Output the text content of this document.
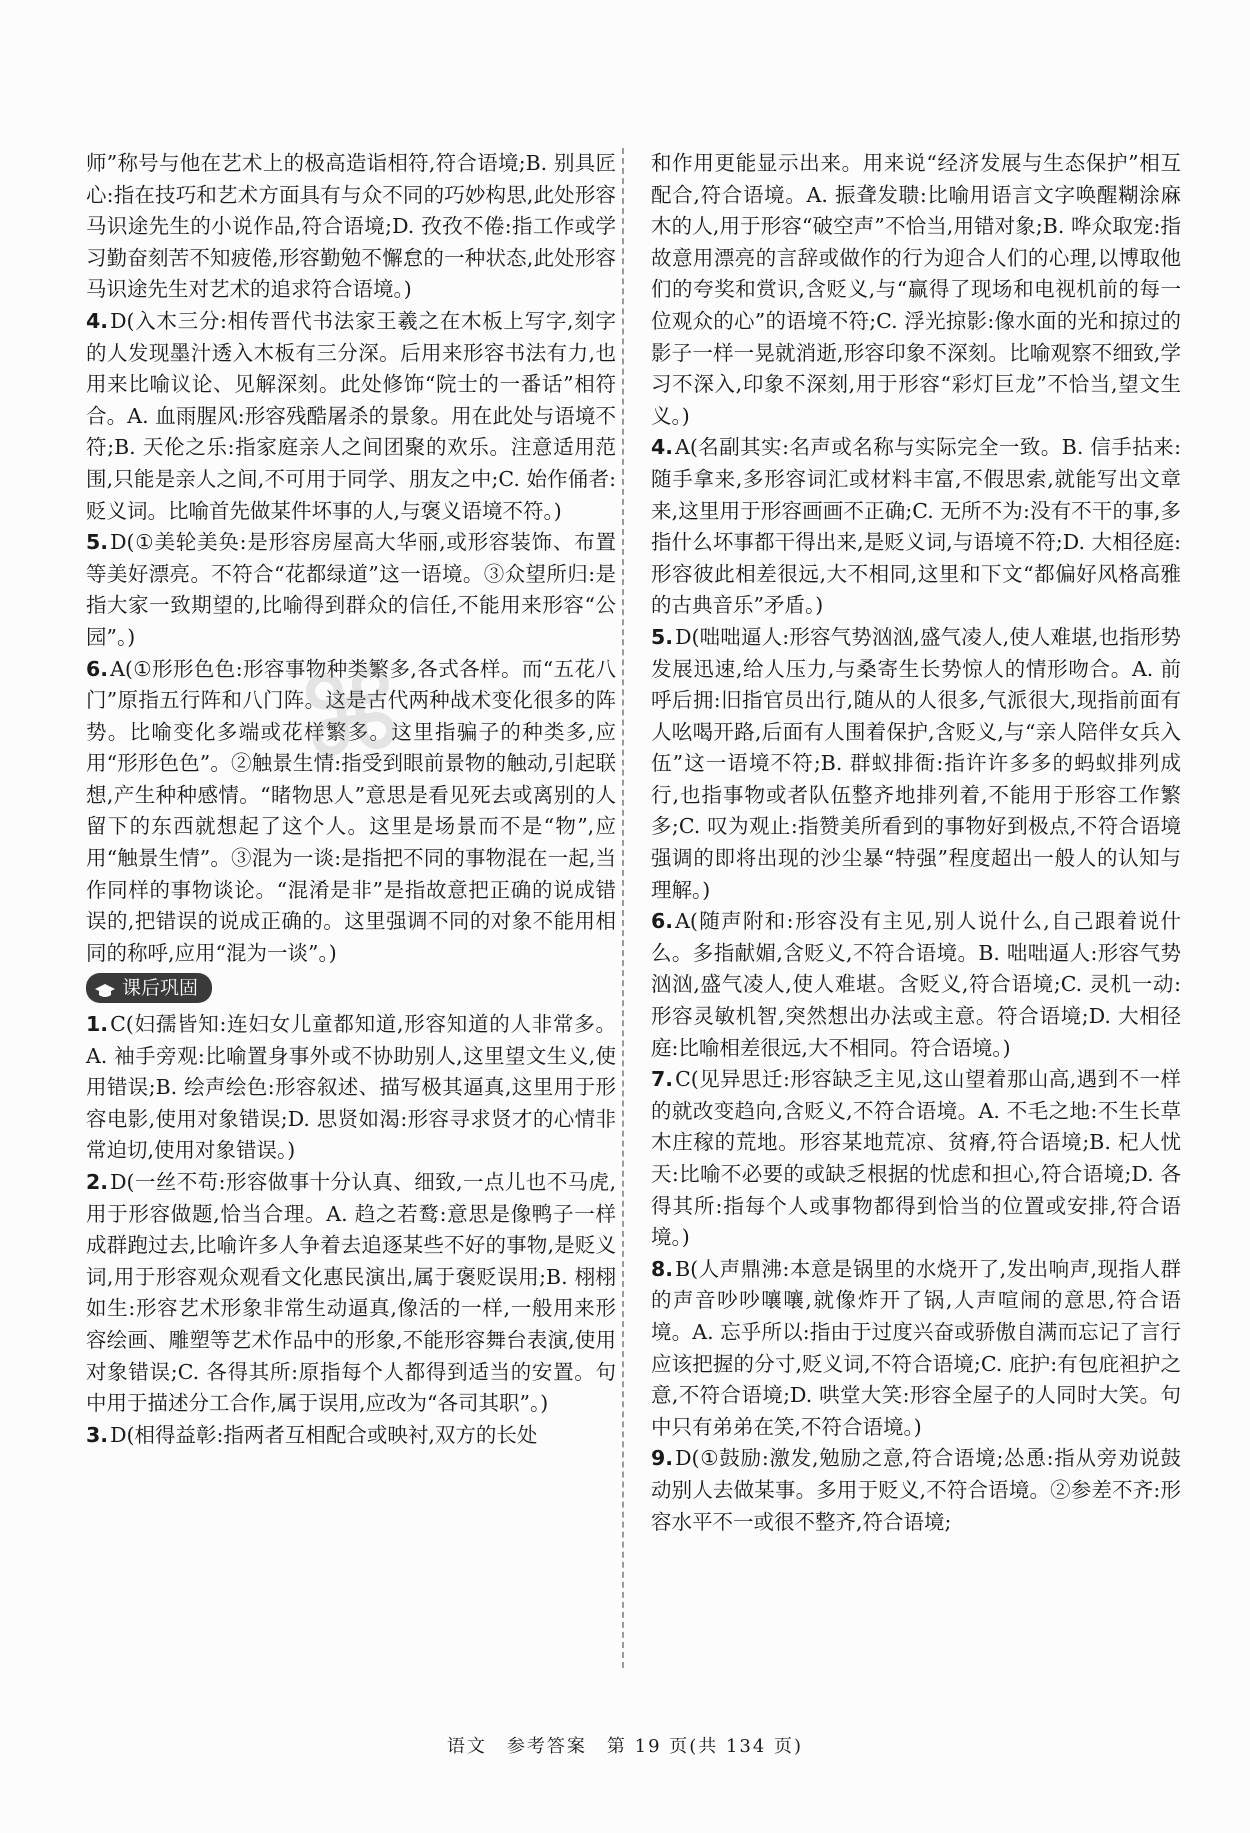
师”称号与他在艺术上的极高造诣相符,符合语境;B. 别具匠心:指在技巧和艺术方面具有与众不同的巧妙构思,此处形容马识途先生的小说作品,符合语境;D. 孜孜不倦:指工作或学习勤奋刻苦不知疲倦,形容勤勉不懈怠的一种状态,此处形容马识途先生对艺术的追求符合语境。)

4.D(入木三分:相传晋代书法家王羲之在木板上写字,刻字的人发现墨汁透入木板有三分深。后用来形容书法有力,也用来比喻议论、见解深刻。此处修饰“院士的一番话”相符合。A. 血雨腥风:形容残酷屠杀的景象。用在此处与语境不符;B. 天伦之乐:指家庭亲人之间团聚的欢乐。注意适用范围,只能是亲人之间,不可用于同学、朋友之中;C. 始作俑者:贬义词。比喻首先做某件坏事的人,与褒义语境不符。)

5.D(①美轮美奂:是形容房屋高大华丽,或形容装饰、布置等美好漂亮。不符合“花都绿道”这一语境。③众望所归:是指大家一致期望的,比喻得到群众的信任,不能用来形容“公园”。)

6.A(①形形色色:形容事物种类繁多,各式各样。而“五花八门”原指五行阵和八门阵。这是古代两种战术变化很多的阵势。比喻变化多端或花样繁多。这里指骗子的种类多,应用“形形色色”。②触景生情:指受到眼前景物的触动,引起联想,产生种种感情。“睹物思人”意思是看见死去或离别的人留下的东西就想起了这个人。这里是场景而不是“物”,应用“触景生情”。③混为一谈:是指把不同的事物混在一起,当作同样的事物谈论。“混淆是非”是指故意把正确的说成错误的,把错误的说成正确的。这里强调不同的对象不能用相同的称呼,应用“混为一谈”。)

课后巩固

1.C(妇孺皆知:连妇女儿童都知道,形容知道的人非常多。A. 袖手旁观:比喻置身事外或不协助别人,这里望文生义,使用错误;B. 绘声绘色:形容叙述、描写极其逼真,这里用于形容电影,使用对象错误;D. 思贤如渴:形容寻求贤才的心情非常迫切,使用对象错误。)

2.D(一丝不苟:形容做事十分认真、细致,一点儿也不马虎,用于形容做题,恰当合理。A. 趋之若鹜:意思是像鸭子一样成群跑过去,比喻许多人争着去追逐某些不好的事物,是贬义词,用于形容观众观看文化惠民演出,属于褒贬误用;B. 栩栩如生:形容艺术形象非常生动逼真,像活的一样,一般用来形容绘画、雕塑等艺术作品中的形象,不能形容舞台表演,使用对象错误;C. 各得其所:原指每个人都得到适当的安置。句中用于描述分工合作,属于误用,应改为“各司其职”。)

3.D(相得益彰:指两者互相配合或映衬,双方的长处

和作用更能显示出来。用来说“经济发展与生态保护”相互配合,符合语境。A. 振聋发聩:比喻用语言文字唤醒糊涂麻木的人,用于形容“破空声”不恰当,用错对象;B. 哗众取宠:指故意用漂亮的言辞或做作的行为迎合人们的心理,以博取他们的夸奖和赏识,含贬义,与“赢得了现场和电视机前的每一位观众的心”的语境不符;C. 浮光掠影:像水面的光和掠过的影子一样一晃就消逝,形容印象不深刻。比喻观察不细致,学习不深入,印象不深刻,用于形容“彩灯巨龙”不恰当,望文生义。)

4.A(名副其实:名声或名称与实际完全一致。B. 信手拈来:随手拿来,多形容词汇或材料丰富,不假思索,就能写出文章来,这里用于形容画画不正确;C. 无所不为:没有不干的事,多指什么坏事都干得出来,是贬义词,与语境不符;D. 大相径庭:形容彼此相差很远,大不相同,这里和下文“都偏好风格高雅的古典音乐”矛盾。)

5.D(咄咄逼人:形容气势汹汹,盛气凌人,使人难堪,也指形势发展迅速,给人压力,与桑寄生长势惊人的情形吻合。A. 前呼后拥:旧指官员出行,随从的人很多,气派很大,现指前面有人吆喝开路,后面有人围着保护,含贬义,与“亲人陪伴女兵入伍”这一语境不符;B. 群蚁排衙:指许许多多的蚂蚁排列成行,也指事物或者队伍整齐地排列着,不能用于形容工作繁多;C. 叹为观止:指赞美所看到的事物好到极点,不符合语境强调的即将出现的沙尘暴“特强”程度超出一般人的认知与理解。)

6.A(随声附和:形容没有主见,别人说什么,自己跟着说什么。多指献媚,含贬义,不符合语境。B. 咄咄逼人:形容气势汹汹,盛气凌人,使人难堪。含贬义,符合语境;C. 灵机一动:形容灵敏机智,突然想出办法或主意。符合语境;D. 大相径庭:比喻相差很远,大不相同。符合语境。)

7.C(见异思迁:形容缺乏主见,这山望着那山高,遇到不一样的就改变趋向,含贬义,不符合语境。A. 不毛之地:不生长草木庄稼的荒地。形容某地荒凉、贫瘠,符合语境;B. 杞人忧天:比喻不必要的或缺乏根据的忧虑和担心,符合语境;D. 各得其所:指每个人或事物都得到恰当的位置或安排,符合语境。)

8.B(人声鼎沸:本意是锅里的水烧开了,发出响声,现指人群的声音吵吵嚷嚷,就像炸开了锅,人声喧闹的意思,符合语境。A. 忘乎所以:指由于过度兴奋或骄傲自满而忘记了言行应该把握的分寸,贬义词,不符合语境;C. 庇护:有包庇袒护之意,不符合语境;D. 哄堂大笑:形容全屋子的人同时大笑。句中只有弟弟在笑,不符合语境。)

9.D(①鼓励:激发,勉励之意,符合语境;怂恿:指从旁劝说鼓动别人去做某事。多用于贬义,不符合语境。②参差不齐:形容水平不一或很不整齐,符合语境;

⌘
语文　参考答案　第 19 页(共 134 页)
